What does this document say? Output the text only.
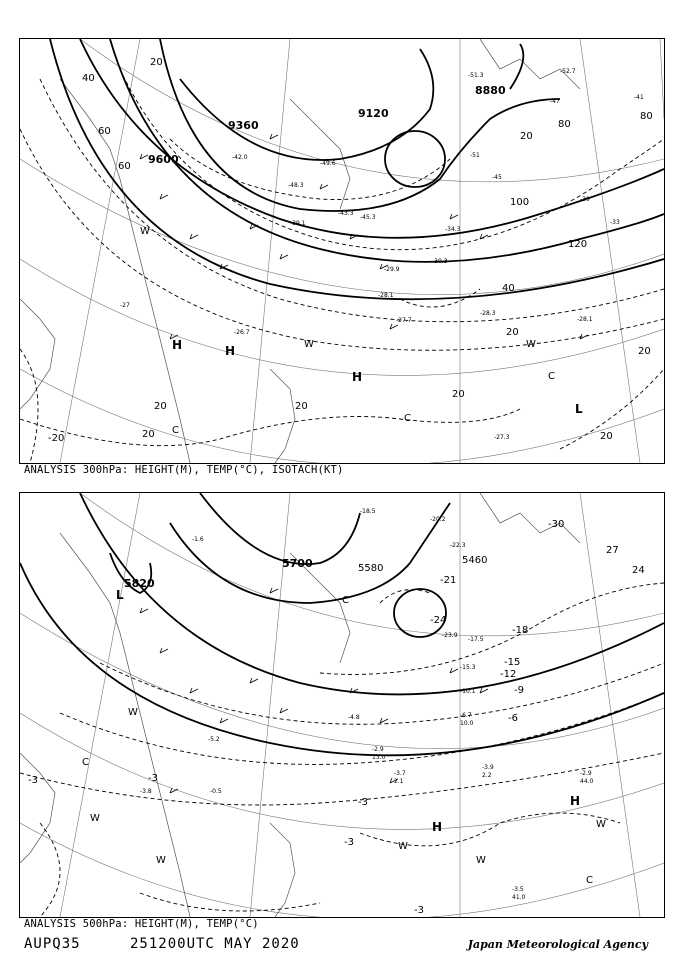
9120
8880
9360
9600
40
60
80
100
120
20
40
60
80
-20
20
20
20
20
20
20
20
20
H	H
H
L
C
C
C
W
W	W
-27
-26.7
-28.1
-27.7
-29.9
-30.3
-28.3
-28.1
-27.3
-34.3
-43.3
-48.3
-51
-45
-39
-33
-41
-47
-51.3
-52.7
-42.0
-49.6
-39.1
-45.3
ANALYSIS 300hPa: HEIGHT(M), TEMP(°C), ISOTACH(KT)
5820
5700	5580
5460
-3	-3
-3
-3
-3
-6
-9
-12
-15
-18
-21
-24
27
-30
24
L
H
H
C
C
C
W
W
W
W
W
W
-3.9
2.2
-3.7
2.1
-2.9
13.0
-4.8	-6.7
10.0
-10.1
-15.3
-17.5
-18.5
-20.2
-22.3
-23.9
-3.5
41.0
-2.9
44.0
-1.6
-5.2
-3.8	-0.5
ANALYSIS 500hPa: HEIGHT(M), TEMP(°C)
AUPQ35	251200UTC MAY 2020	Japan Meteorological Agency
